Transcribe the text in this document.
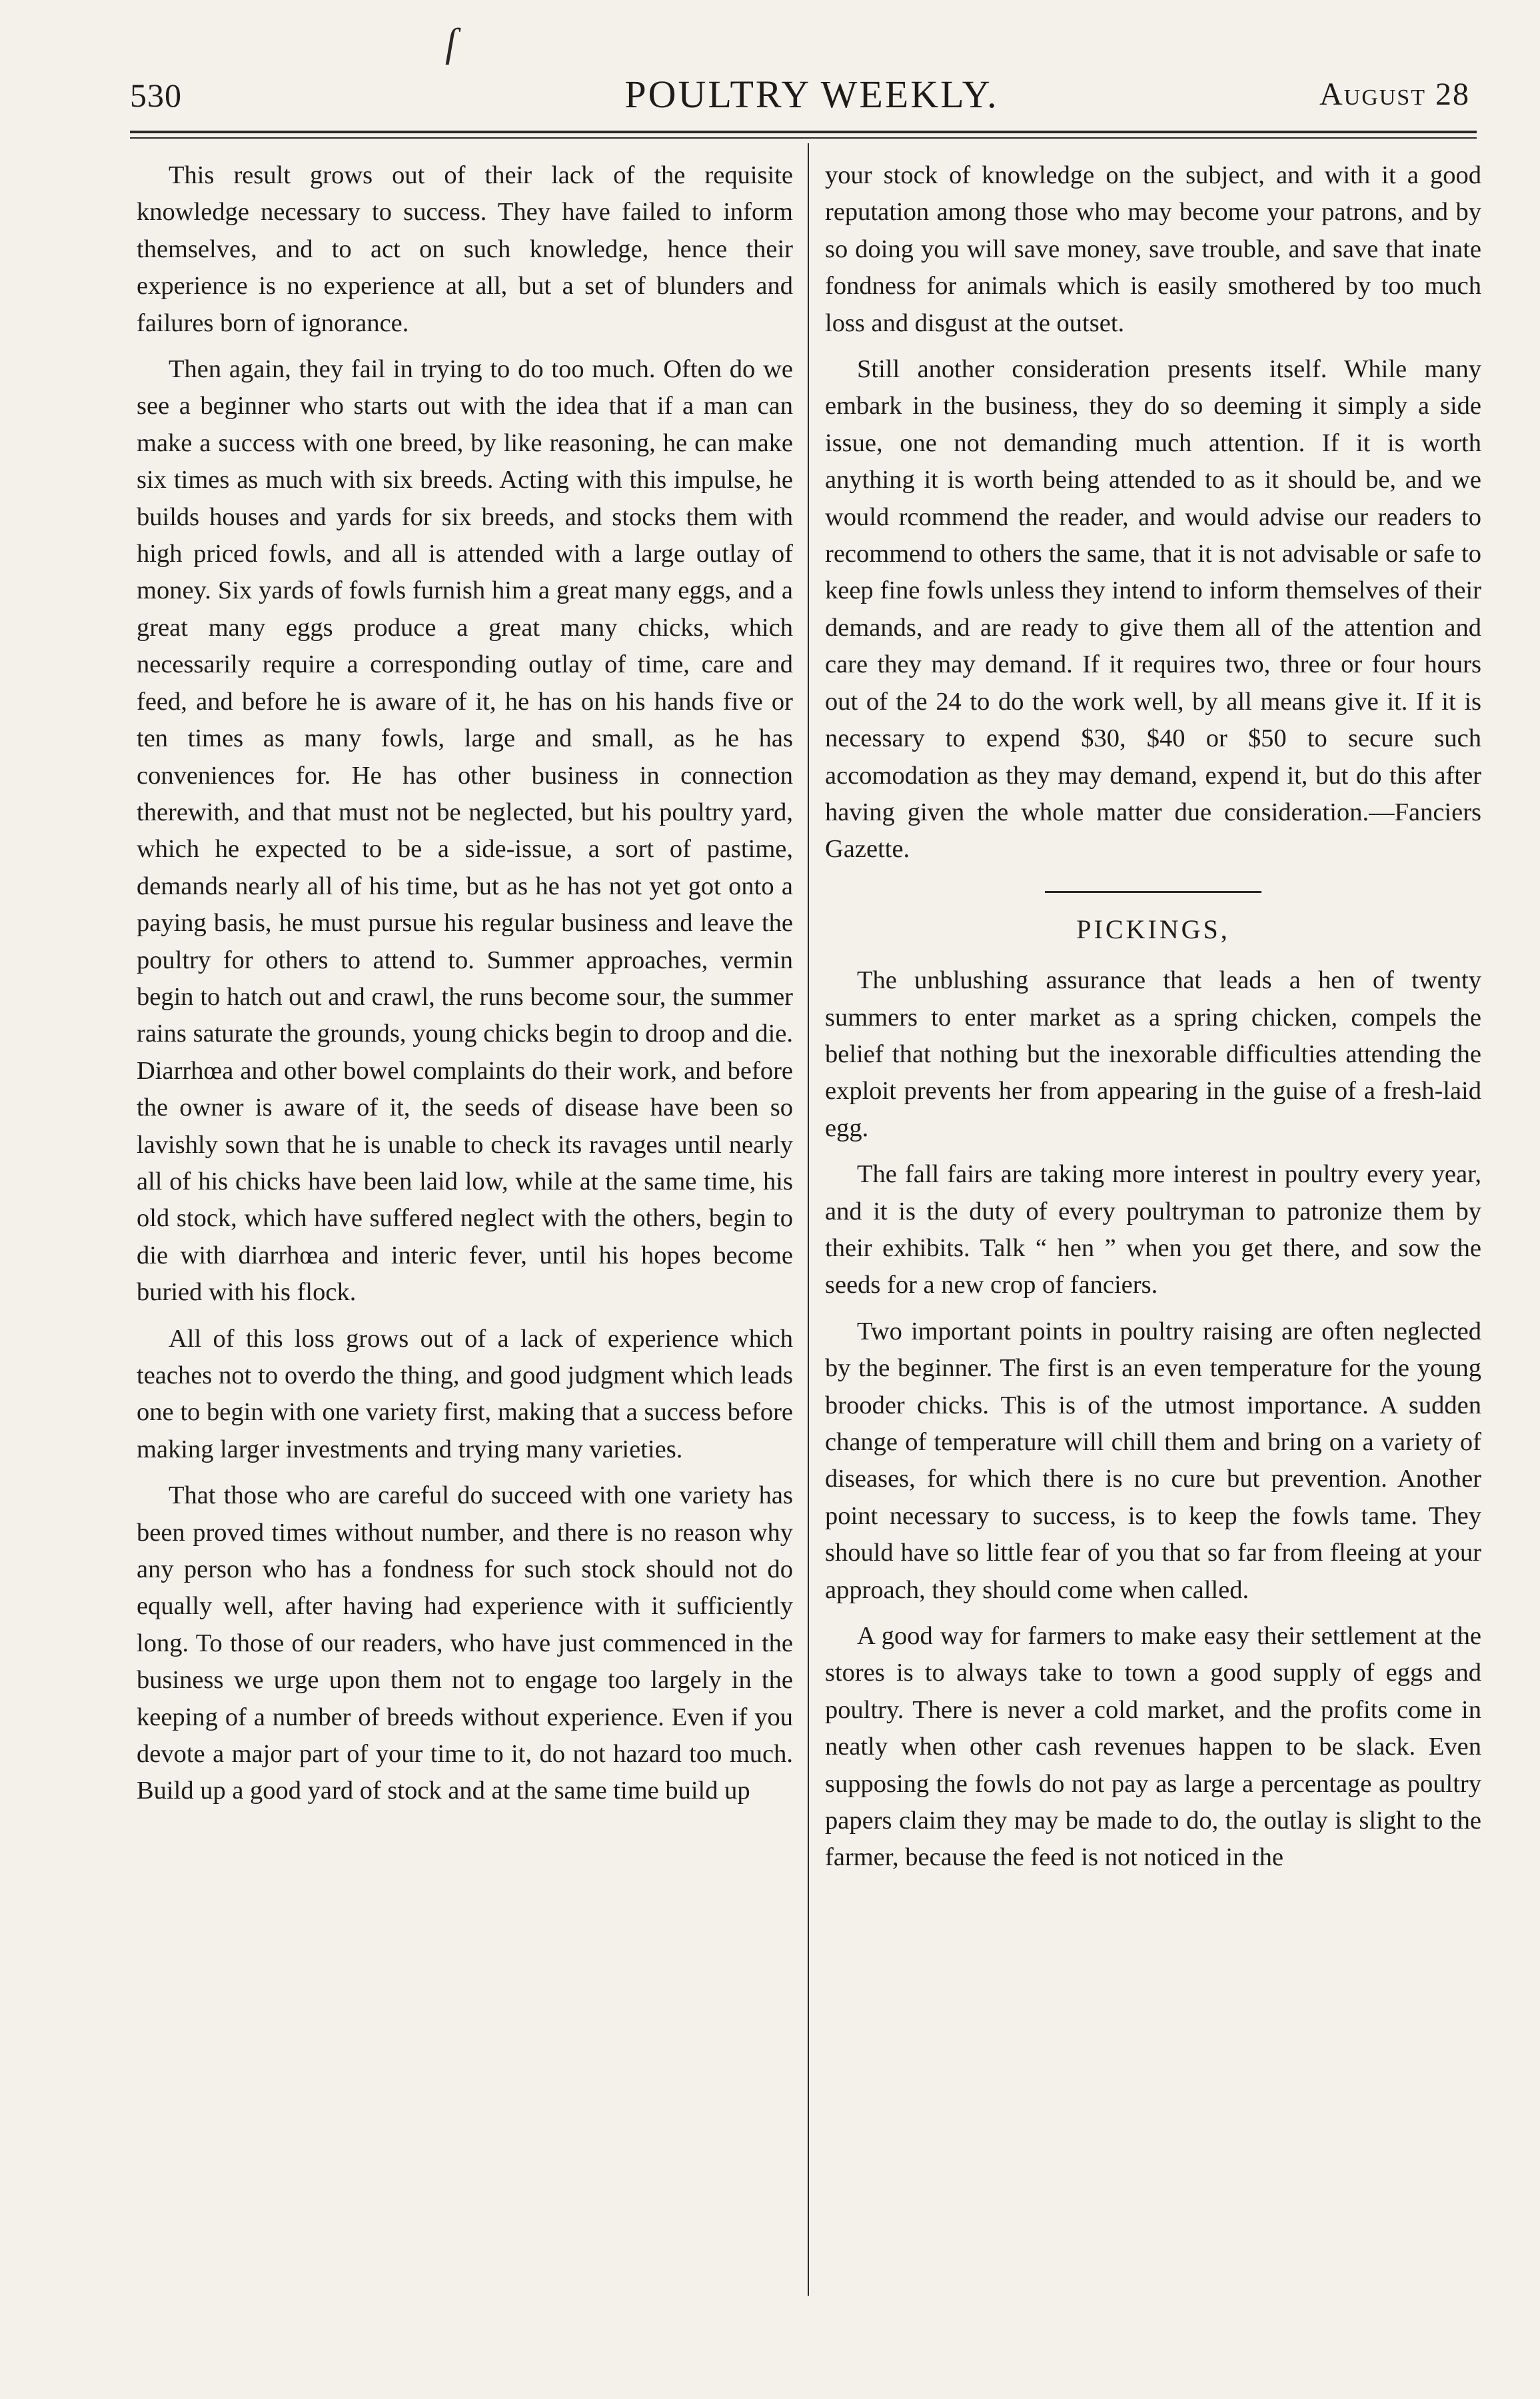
ſ
530	POULTRY WEEKLY.	August 28

This result grows out of their lack of the requisite knowledge necessary to success. They have failed to inform themselves, and to act on such knowledge, hence their experience is no experience at all, but a set of blunders and failures born of ignorance.

Then again, they fail in trying to do too much. Often do we see a beginner who starts out with the idea that if a man can make a success with one breed, by like reasoning, he can make six times as much with six breeds. Acting with this impulse, he builds houses and yards for six breeds, and stocks them with high priced fowls, and all is attended with a large outlay of money. Six yards of fowls furnish him a great many eggs, and a great many eggs produce a great many chicks, which necessarily require a corresponding outlay of time, care and feed, and before he is aware of it, he has on his hands five or ten times as many fowls, large and small, as he has conveniences for. He has other business in connection therewith, and that must not be neglected, but his poultry yard, which he expected to be a side-issue, a sort of pastime, demands nearly all of his time, but as he has not yet got onto a paying basis, he must pursue his regular business and leave the poultry for others to attend to. Summer approaches, vermin begin to hatch out and crawl, the runs become sour, the summer rains saturate the grounds, young chicks begin to droop and die. Diarrhœa and other bowel complaints do their work, and before the owner is aware of it, the seeds of disease have been so lavishly sown that he is unable to check its ravages until nearly all of his chicks have been laid low, while at the same time, his old stock, which have suffered neglect with the others, begin to die with diarrhœa and interic fever, until his hopes become buried with his flock.

All of this loss grows out of a lack of experience which teaches not to overdo the thing, and good judgment which leads one to begin with one variety first, making that a success before making larger investments and trying many varieties.

That those who are careful do succeed with one variety has been proved times without number, and there is no reason why any person who has a fondness for such stock should not do equally well, after having had experience with it sufficiently long. To those of our readers, who have just commenced in the business we urge upon them not to engage too largely in the keeping of a number of breeds without experience. Even if you devote a major part of your time to it, do not hazard too much. Build up a good yard of stock and at the same time build up

your stock of knowledge on the subject, and with it a good reputation among those who may become your patrons, and by so doing you will save money, save trouble, and save that inate fondness for animals which is easily smothered by too much loss and disgust at the outset.

Still another consideration presents itself. While many embark in the business, they do so deeming it simply a side issue, one not demanding much attention. If it is worth anything it is worth being attended to as it should be, and we would rcommend the reader, and would advise our readers to recommend to others the same, that it is not advisable or safe to keep fine fowls unless they intend to inform themselves of their demands, and are ready to give them all of the attention and care they may demand. If it requires two, three or four hours out of the 24 to do the work well, by all means give it. If it is necessary to expend $30, $40 or $50 to secure such accomodation as they may demand, expend it, but do this after having given the whole matter due consideration.—Fanciers Gazette.

PICKINGS,

The unblushing assurance that leads a hen of twenty summers to enter market as a spring chicken, compels the belief that nothing but the inexorable difficulties attending the exploit prevents her from appearing in the guise of a fresh-laid egg.

The fall fairs are taking more interest in poultry every year, and it is the duty of every poultryman to patronize them by their exhibits. Talk “ hen ” when you get there, and sow the seeds for a new crop of fanciers.

Two important points in poultry raising are often neglected by the beginner. The first is an even temperature for the young brooder chicks. This is of the utmost importance. A sudden change of temperature will chill them and bring on a variety of diseases, for which there is no cure but prevention. Another point necessary to success, is to keep the fowls tame. They should have so little fear of you that so far from fleeing at your approach, they should come when called.

A good way for farmers to make easy their settlement at the stores is to always take to town a good supply of eggs and poultry. There is never a cold market, and the profits come in neatly when other cash revenues happen to be slack. Even supposing the fowls do not pay as large a percentage as poultry papers claim they may be made to do, the outlay is slight to the farmer, because the feed is not noticed in the
